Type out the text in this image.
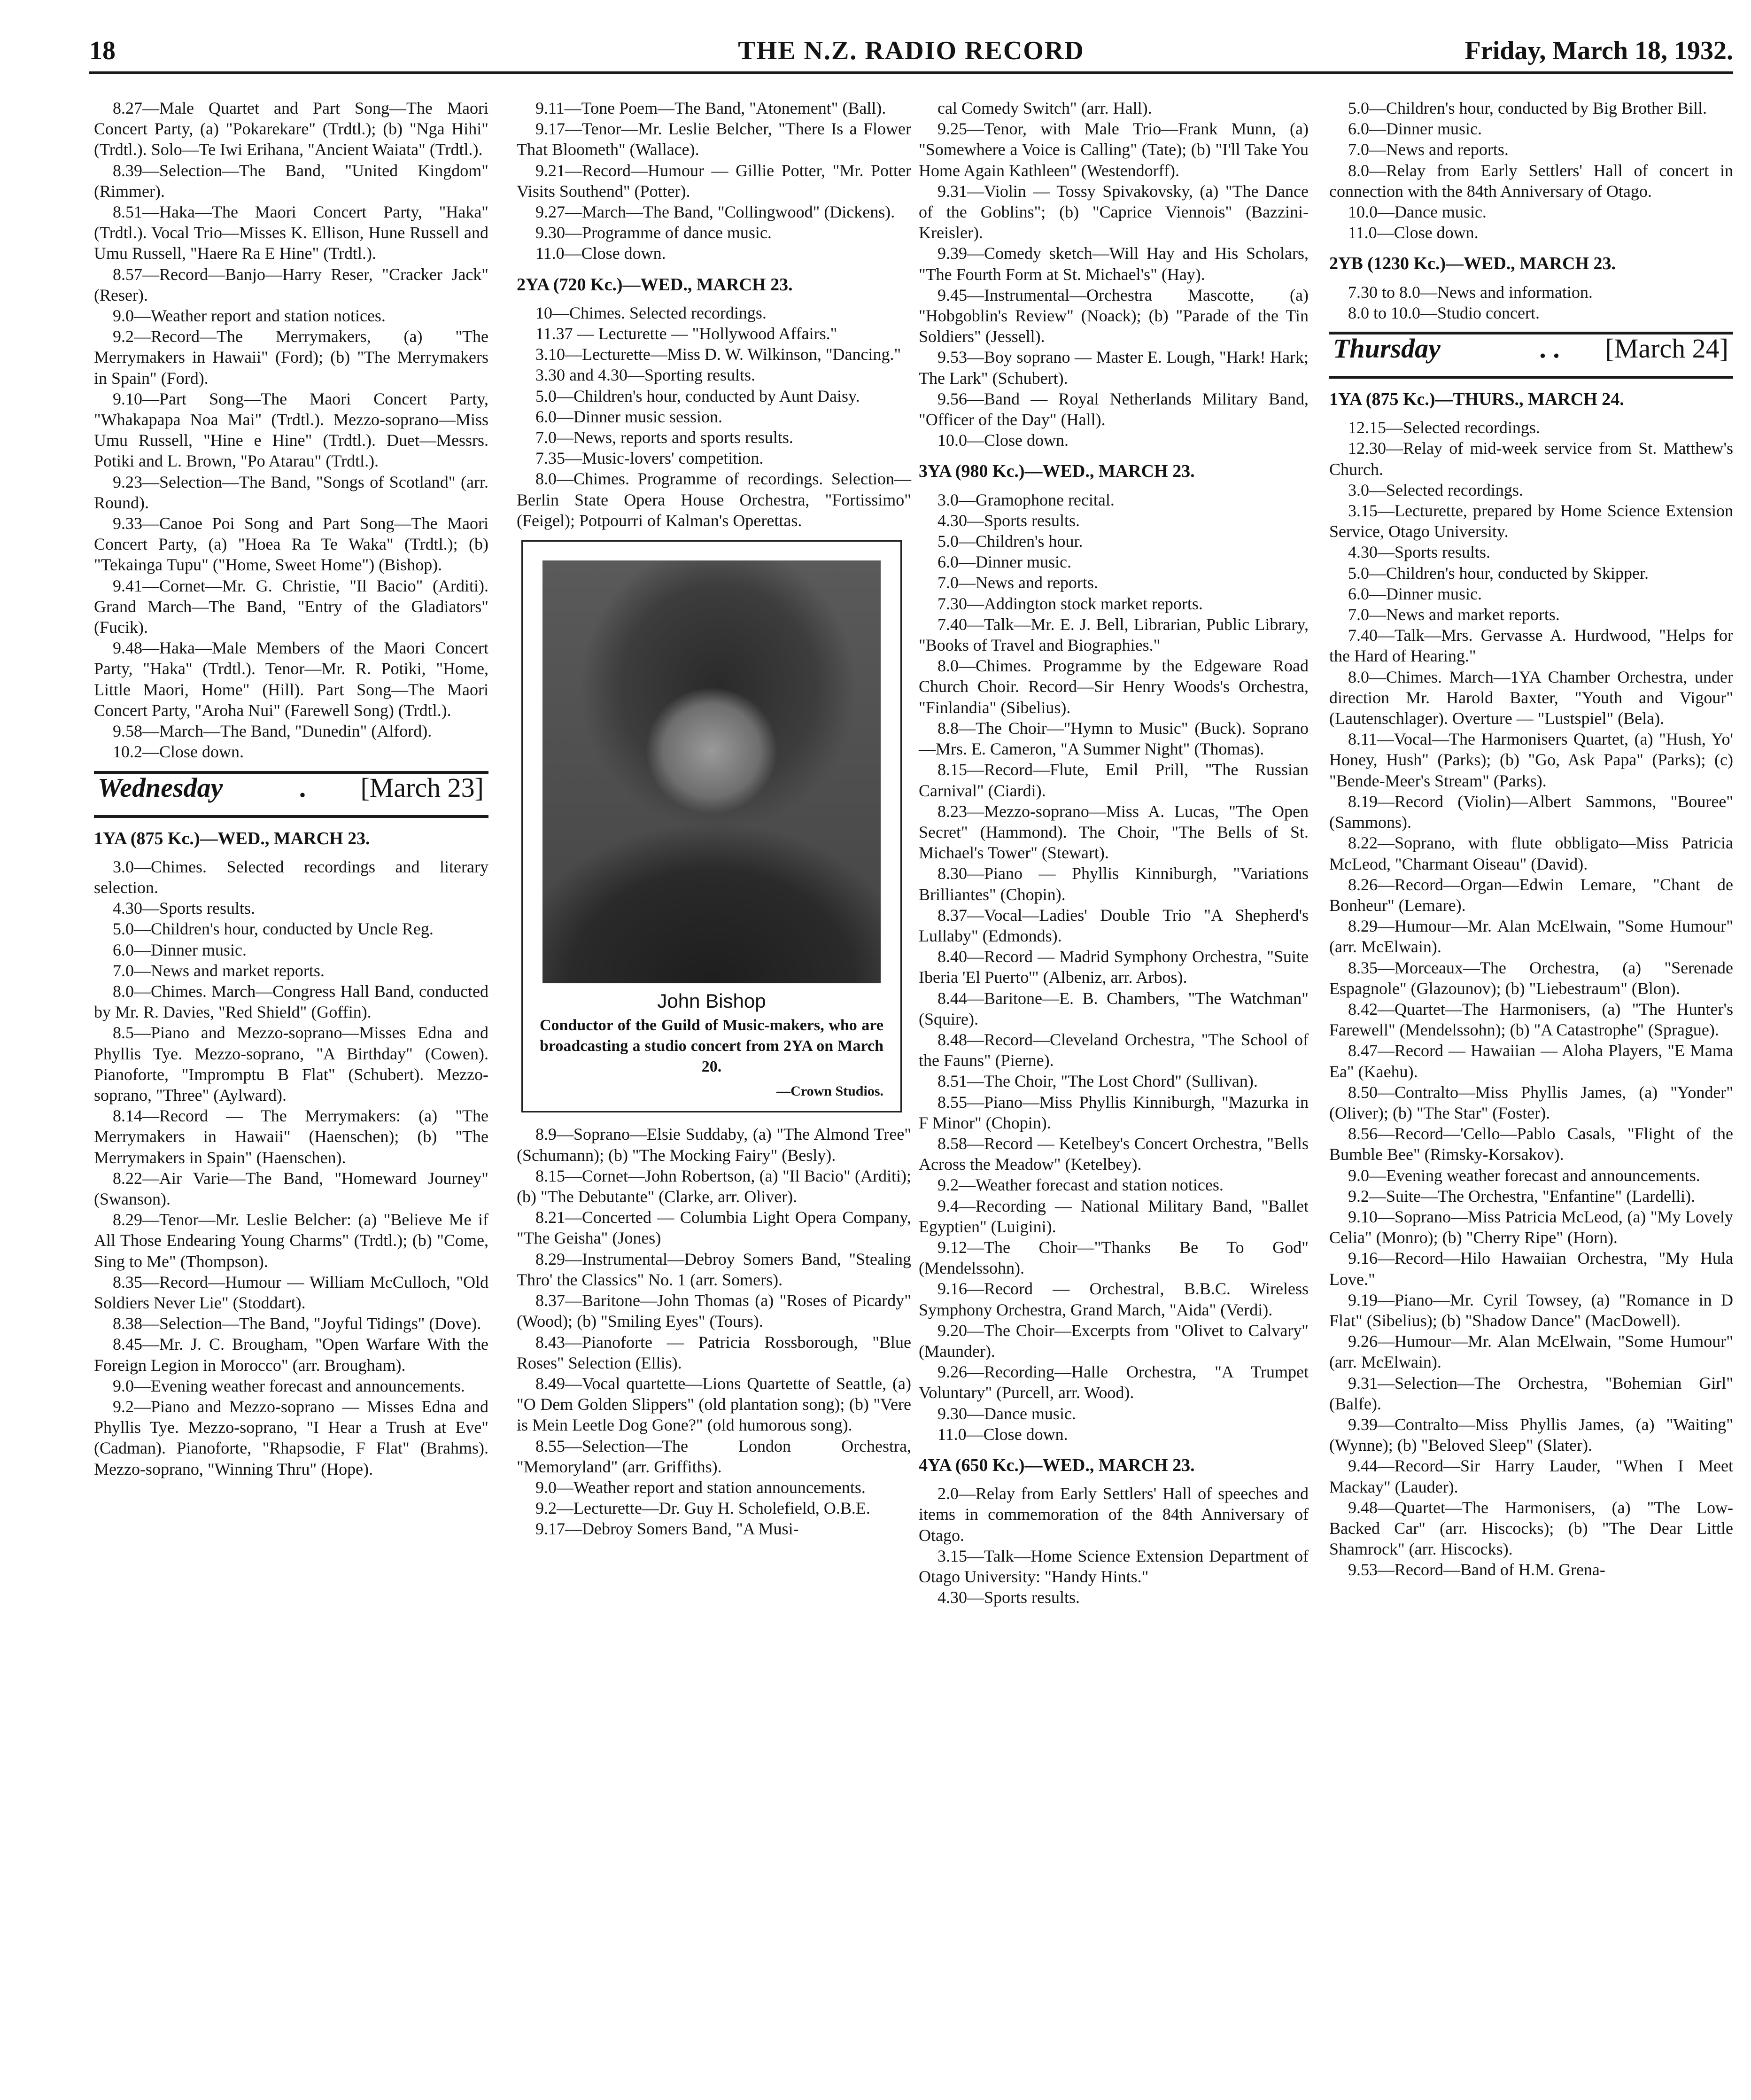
18	THE N.Z. RADIO RECORD	Friday, March 18, 1932.

8.27—Male Quartet and Part Song—The Maori Concert Party, (a) "Pokarekare" (Trdtl.); (b) "Nga Hihi" (Trdtl.). Solo—Te Iwi Erihana, "Ancient Waiata" (Trdtl.).

8.39—Selection—The Band, "United Kingdom" (Rimmer).

8.51—Haka—The Maori Concert Party, "Haka" (Trdtl.). Vocal Trio—Misses K. Ellison, Hune Russell and Umu Russell, "Haere Ra E Hine" (Trdtl.).

8.57—Record—Banjo—Harry Reser, "Cracker Jack" (Reser).

9.0—Weather report and station notices.

9.2—Record—The Merrymakers, (a) "The Merrymakers in Hawaii" (Ford); (b) "The Merrymakers in Spain" (Ford).

9.10—Part Song—The Maori Concert Party, "Whakapapa Noa Mai" (Trdtl.). Mezzo-soprano—Miss Umu Russell, "Hine e Hine" (Trdtl.). Duet—Messrs. Potiki and L. Brown, "Po Atarau" (Trdtl.).

9.23—Selection—The Band, "Songs of Scotland" (arr. Round).

9.33—Canoe Poi Song and Part Song—The Maori Concert Party, (a) "Hoea Ra Te Waka" (Trdtl.); (b) "Tekainga Tupu" ("Home, Sweet Home") (Bishop).

9.41—Cornet—Mr. G. Christie, "Il Bacio" (Arditi). Grand March—The Band, "Entry of the Gladiators" (Fucik).

9.48—Haka—Male Members of the Maori Concert Party, "Haka" (Trdtl.). Tenor—Mr. R. Potiki, "Home, Little Maori, Home" (Hill). Part Song—The Maori Concert Party, "Aroha Nui" (Farewell Song) (Trdtl.).

9.58—March—The Band, "Dunedin" (Alford).

10.2—Close down.

Wednesday	. [March 23]
1YA (875 Kc.)—WED., MARCH 23.

3.0—Chimes. Selected recordings and literary selection.

4.30—Sports results.

5.0—Children's hour, conducted by Uncle Reg.

6.0—Dinner music.

7.0—News and market reports.

8.0—Chimes. March—Congress Hall Band, conducted by Mr. R. Davies, "Red Shield" (Goffin).

8.5—Piano and Mezzo-soprano—Misses Edna and Phyllis Tye. Mezzo-soprano, "A Birthday" (Cowen). Pianoforte, "Impromptu B Flat" (Schubert). Mezzo-soprano, "Three" (Aylward).

8.14—Record — The Merrymakers: (a) "The Merrymakers in Hawaii" (Haenschen); (b) "The Merrymakers in Spain" (Haenschen).

8.22—Air Varie—The Band, "Homeward Journey" (Swanson).

8.29—Tenor—Mr. Leslie Belcher: (a) "Believe Me if All Those Endearing Young Charms" (Trdtl.); (b) "Come, Sing to Me" (Thompson).

8.35—Record—Humour — William McCulloch, "Old Soldiers Never Lie" (Stoddart).

8.38—Selection—The Band, "Joyful Tidings" (Dove).

8.45—Mr. J. C. Brougham, "Open Warfare With the Foreign Legion in Morocco" (arr. Brougham).

9.0—Evening weather forecast and announcements.

9.2—Piano and Mezzo-soprano — Misses Edna and Phyllis Tye. Mezzo-soprano, "I Hear a Trush at Eve" (Cadman). Pianoforte, "Rhapsodie, F Flat" (Brahms). Mezzo-soprano, "Winning Thru" (Hope).

9.11—Tone Poem—The Band, "Atonement" (Ball).

9.17—Tenor—Mr. Leslie Belcher, "There Is a Flower That Bloometh" (Wallace).

9.21—Record—Humour — Gillie Potter, "Mr. Potter Visits Southend" (Potter).

9.27—March—The Band, "Collingwood" (Dickens).

9.30—Programme of dance music.

11.0—Close down.

2YA (720 Kc.)—WED., MARCH 23.

10—Chimes. Selected recordings.

11.37 — Lecturette — "Hollywood Affairs."

3.10—Lecturette—Miss D. W. Wilkinson, "Dancing."

3.30 and 4.30—Sporting results.

5.0—Children's hour, conducted by Aunt Daisy.

6.0—Dinner music session.

7.0—News, reports and sports results.

7.35—Music-lovers' competition.

8.0—Chimes. Programme of recordings. Selection—Berlin State Opera House Orchestra, "Fortissimo" (Feigel); Potpourri of Kalman's Operettas.

John Bishop
Conductor of the Guild of Music-makers, who are broadcasting a studio concert from 2YA on March 20.
—Crown Studios.

8.9—Soprano—Elsie Suddaby, (a) "The Almond Tree" (Schumann); (b) "The Mocking Fairy" (Besly).

8.15—Cornet—John Robertson, (a) "Il Bacio" (Arditi); (b) "The Debutante" (Clarke, arr. Oliver).

8.21—Concerted — Columbia Light Opera Company, "The Geisha" (Jones)

8.29—Instrumental—Debroy Somers Band, "Stealing Thro' the Classics" No. 1 (arr. Somers).

8.37—Baritone—John Thomas (a) "Roses of Picardy" (Wood); (b) "Smiling Eyes" (Tours).

8.43—Pianoforte — Patricia Rossborough, "Blue Roses" Selection (Ellis).

8.49—Vocal quartette—Lions Quartette of Seattle, (a) "O Dem Golden Slippers" (old plantation song); (b) "Vere is Mein Leetle Dog Gone?" (old humorous song).

8.55—Selection—The London Orchestra, "Memoryland" (arr. Griffiths).

9.0—Weather report and station announcements.

9.2—Lecturette—Dr. Guy H. Scholefield, O.B.E.

9.17—Debroy Somers Band, "A Musi-

cal Comedy Switch" (arr. Hall).

9.25—Tenor, with Male Trio—Frank Munn, (a) "Somewhere a Voice is Calling" (Tate); (b) "I'll Take You Home Again Kathleen" (Westendorff).

9.31—Violin — Tossy Spivakovsky, (a) "The Dance of the Goblins"; (b) "Caprice Viennois" (Bazzini-Kreisler).

9.39—Comedy sketch—Will Hay and His Scholars, "The Fourth Form at St. Michael's" (Hay).

9.45—Instrumental—Orchestra Mascotte, (a) "Hobgoblin's Review" (Noack); (b) "Parade of the Tin Soldiers" (Jessell).

9.53—Boy soprano — Master E. Lough, "Hark! Hark; The Lark" (Schubert).

9.56—Band — Royal Netherlands Military Band, "Officer of the Day" (Hall).

10.0—Close down.

3YA (980 Kc.)—WED., MARCH 23.

3.0—Gramophone recital.

4.30—Sports results.

5.0—Children's hour.

6.0—Dinner music.

7.0—News and reports.

7.30—Addington stock market reports.

7.40—Talk—Mr. E. J. Bell, Librarian, Public Library, "Books of Travel and Biographies."

8.0—Chimes. Programme by the Edgeware Road Church Choir. Record—Sir Henry Woods's Orchestra, "Finlandia" (Sibelius).

8.8—The Choir—"Hymn to Music" (Buck). Soprano—Mrs. E. Cameron, "A Summer Night" (Thomas).

8.15—Record—Flute, Emil Prill, "The Russian Carnival" (Ciardi).

8.23—Mezzo-soprano—Miss A. Lucas, "The Open Secret" (Hammond). The Choir, "The Bells of St. Michael's Tower" (Stewart).

8.30—Piano — Phyllis Kinniburgh, "Variations Brilliantes" (Chopin).

8.37—Vocal—Ladies' Double Trio "A Shepherd's Lullaby" (Edmonds).

8.40—Record — Madrid Symphony Orchestra, "Suite Iberia 'El Puerto'" (Albeniz, arr. Arbos).

8.44—Baritone—E. B. Chambers, "The Watchman" (Squire).

8.48—Record—Cleveland Orchestra, "The School of the Fauns" (Pierne).

8.51—The Choir, "The Lost Chord" (Sullivan).

8.55—Piano—Miss Phyllis Kinniburgh, "Mazurka in F Minor" (Chopin).

8.58—Record — Ketelbey's Concert Orchestra, "Bells Across the Meadow" (Ketelbey).

9.2—Weather forecast and station notices.

9.4—Recording — National Military Band, "Ballet Egyptien" (Luigini).

9.12—The Choir—"Thanks Be To God" (Mendelssohn).

9.16—Record — Orchestral, B.B.C. Wireless Symphony Orchestra, Grand March, "Aida" (Verdi).

9.20—The Choir—Excerpts from "Olivet to Calvary" (Maunder).

9.26—Recording—Halle Orchestra, "A Trumpet Voluntary" (Purcell, arr. Wood).

9.30—Dance music.

11.0—Close down.

4YA (650 Kc.)—WED., MARCH 23.

2.0—Relay from Early Settlers' Hall of speeches and items in commemoration of the 84th Anniversary of Otago.

3.15—Talk—Home Science Extension Department of Otago University: "Handy Hints."

4.30—Sports results.

5.0—Children's hour, conducted by Big Brother Bill.

6.0—Dinner music.

7.0—News and reports.

8.0—Relay from Early Settlers' Hall of concert in connection with the 84th Anniversary of Otago.

10.0—Dance music.

11.0—Close down.

2YB (1230 Kc.)—WED., MARCH 23.

7.30 to 8.0—News and information.

8.0 to 10.0—Studio concert.

Thursday	. . [March 24]
1YA (875 Kc.)—THURS., MARCH 24.

12.15—Selected recordings.

12.30—Relay of mid-week service from St. Matthew's Church.

3.0—Selected recordings.

3.15—Lecturette, prepared by Home Science Extension Service, Otago University.

4.30—Sports results.

5.0—Children's hour, conducted by Skipper.

6.0—Dinner music.

7.0—News and market reports.

7.40—Talk—Mrs. Gervasse A. Hurdwood, "Helps for the Hard of Hearing."

8.0—Chimes. March—1YA Chamber Orchestra, under direction Mr. Harold Baxter, "Youth and Vigour" (Lautenschlager). Overture — "Lustspiel" (Bela).

8.11—Vocal—The Harmonisers Quartet, (a) "Hush, Yo' Honey, Hush" (Parks); (b) "Go, Ask Papa" (Parks); (c) "Bende-Meer's Stream" (Parks).

8.19—Record (Violin)—Albert Sammons, "Bouree" (Sammons).

8.22—Soprano, with flute obbligato—Miss Patricia McLeod, "Charmant Oiseau" (David).

8.26—Record—Organ—Edwin Lemare, "Chant de Bonheur" (Lemare).

8.29—Humour—Mr. Alan McElwain, "Some Humour" (arr. McElwain).

8.35—Morceaux—The Orchestra, (a) "Serenade Espagnole" (Glazounov); (b) "Liebestraum" (Blon).

8.42—Quartet—The Harmonisers, (a) "The Hunter's Farewell" (Mendelssohn); (b) "A Catastrophe" (Sprague).

8.47—Record — Hawaiian — Aloha Players, "E Mama Ea" (Kaehu).

8.50—Contralto—Miss Phyllis James, (a) "Yonder" (Oliver); (b) "The Star" (Foster).

8.56—Record—'Cello—Pablo Casals, "Flight of the Bumble Bee" (Rimsky-Korsakov).

9.0—Evening weather forecast and announcements.

9.2—Suite—The Orchestra, "Enfantine" (Lardelli).

9.10—Soprano—Miss Patricia McLeod, (a) "My Lovely Celia" (Monro); (b) "Cherry Ripe" (Horn).

9.16—Record—Hilo Hawaiian Orchestra, "My Hula Love."

9.19—Piano—Mr. Cyril Towsey, (a) "Romance in D Flat" (Sibelius); (b) "Shadow Dance" (MacDowell).

9.26—Humour—Mr. Alan McElwain, "Some Humour" (arr. McElwain).

9.31—Selection—The Orchestra, "Bohemian Girl" (Balfe).

9.39—Contralto—Miss Phyllis James, (a) "Waiting" (Wynne); (b) "Beloved Sleep" (Slater).

9.44—Record—Sir Harry Lauder, "When I Meet Mackay" (Lauder).

9.48—Quartet—The Harmonisers, (a) "The Low-Backed Car" (arr. Hiscocks); (b) "The Dear Little Shamrock" (arr. Hiscocks).

9.53—Record—Band of H.M. Grena-
